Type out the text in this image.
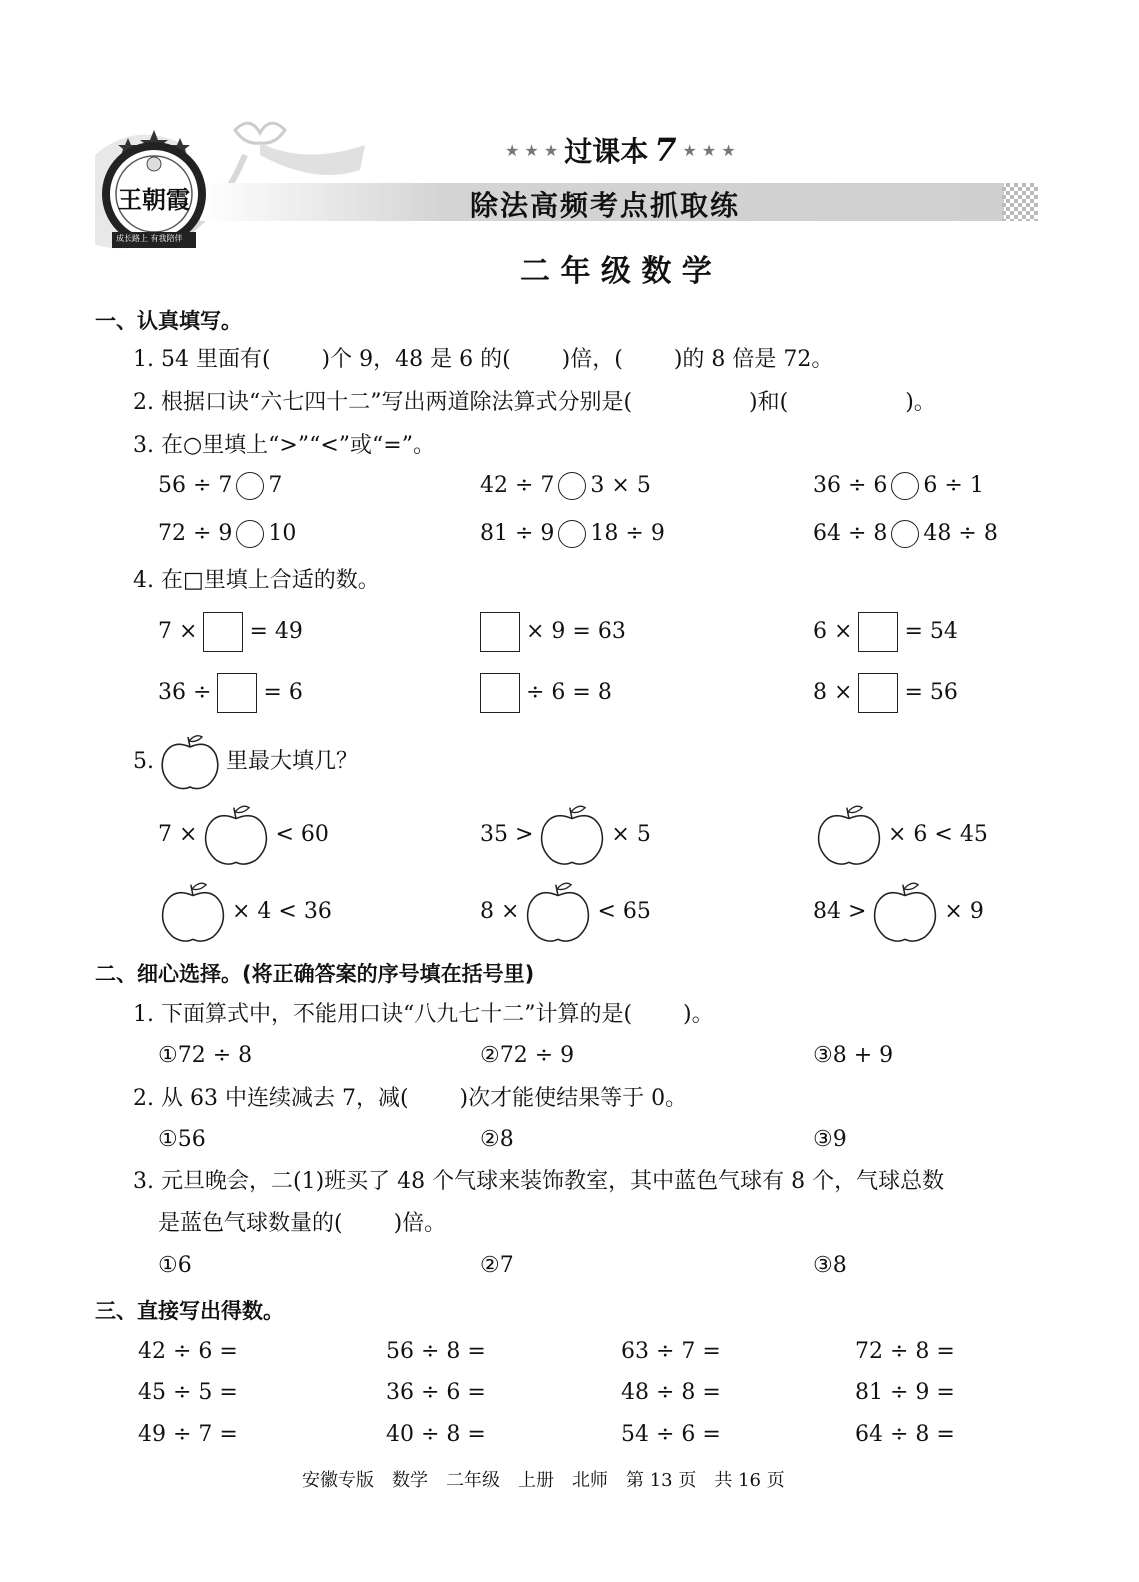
王朝霞
成长路上 有我陪伴
★ ★ ★ 过课本 7 ★ ★ ★
除法高频考点抓取练
二 年 级 数 学
一、认真填写。
1. 54 里面有(　　 )个 9，48 是 6 的(　　 )倍，(　　 )的 8 倍是 72。
2. 根据口诀“六七四十二”写出两道除法算式分别是(　　　　　 )和(　　　　　 )。
3. 在○里填上“>”“<”或“=”。
56 ÷ 7 7	42 ÷ 7 3 × 5	36 ÷ 6 6 ÷ 1
72 ÷ 9 10	81 ÷ 9 18 ÷ 9	64 ÷ 8 48 ÷ 8
4. 在□里填上合适的数。
7 × = 49	× 9 = 63	6 × = 54
36 ÷ = 6	÷ 6 = 8	8 × = 56
5.	里最大填几？
7 ×	< 60	35 >	× 5	× 6 < 45
× 4 < 36	8 ×	< 65	84 >	× 9
二、细心选择。(将正确答案的序号填在括号里)
1. 下面算式中，不能用口诀“八九七十二”计算的是(　　 )。
①72 ÷ 8	②72 ÷ 9	③8 + 9
2. 从 63 中连续减去 7，减(　　 )次才能使结果等于 0。
①56	②8	③9
3. 元旦晚会，二(1)班买了 48 个气球来装饰教室，其中蓝色气球有 8 个，气球总数
是蓝色气球数量的(　　 )倍。
①6	②7	③8
三、直接写出得数。
42 ÷ 6 =	56 ÷ 8 =	63 ÷ 7 =	72 ÷ 8 =
45 ÷ 5 =	36 ÷ 6 =	48 ÷ 8 =	81 ÷ 9 =
49 ÷ 7 =	40 ÷ 8 =	54 ÷ 6 =	64 ÷ 8 =
安徽专版　数学　二年级　上册　北师　第 13 页　共 16 页
